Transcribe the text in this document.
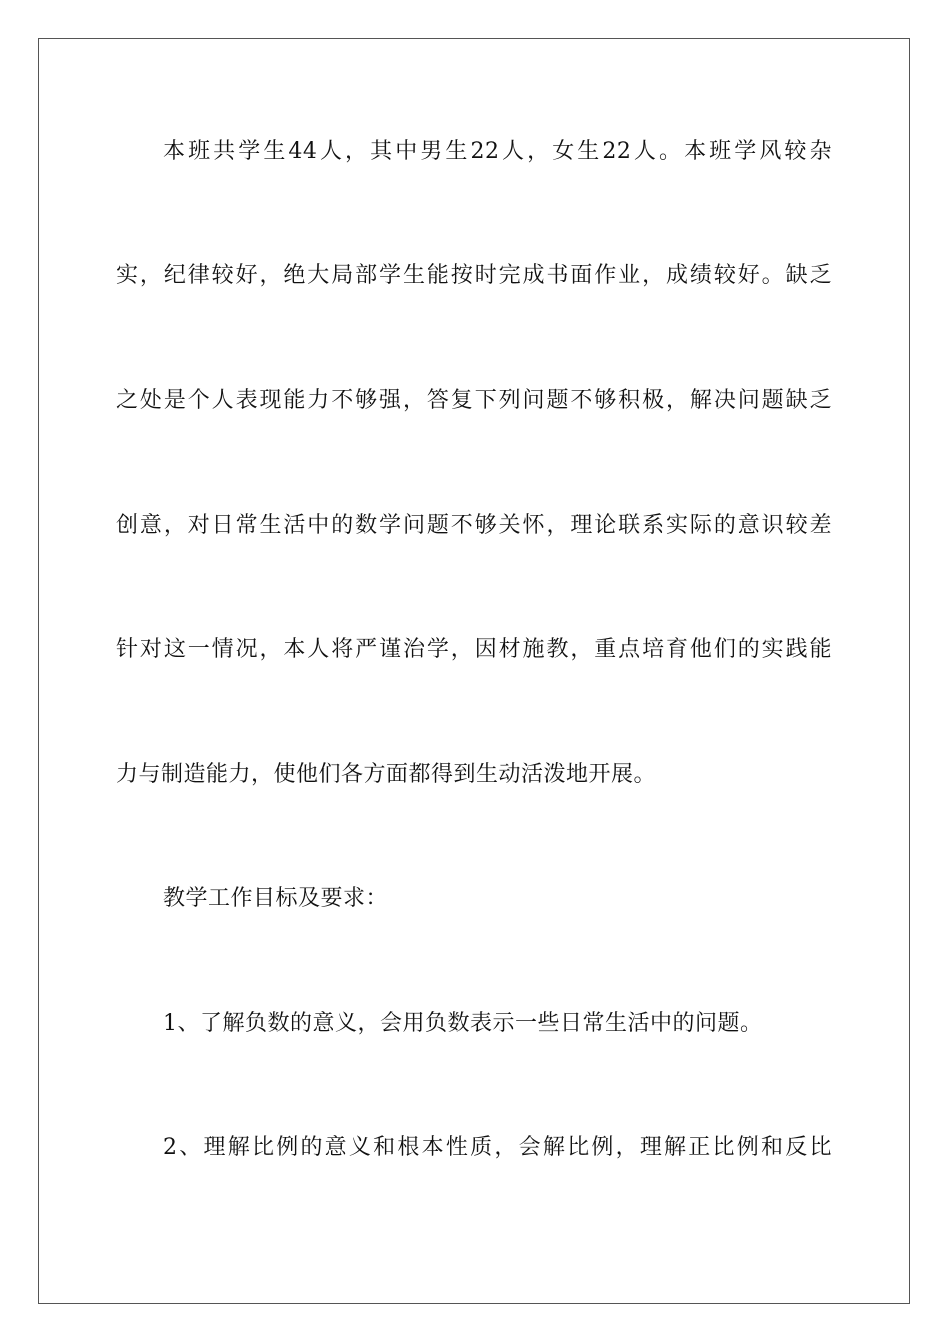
本班共学生44人，其中男生22人，女生22人。本班学风较杂

实，纪律较好，绝大局部学生能按时完成书面作业，成绩较好。缺乏

之处是个人表现能力不够强，答复下列问题不够积极，解决问题缺乏

创意，对日常生活中的数学问题不够关怀，理论联系实际的意识较差

针对这一情况，本人将严谨治学，因材施教，重点培育他们的实践能

力与制造能力，使他们各方面都得到生动活泼地开展。

教学工作目标及要求：

1、了解负数的意义，会用负数表示一些日常生活中的问题。

2、理解比例的意义和根本性质，会解比例，理解正比例和反比
